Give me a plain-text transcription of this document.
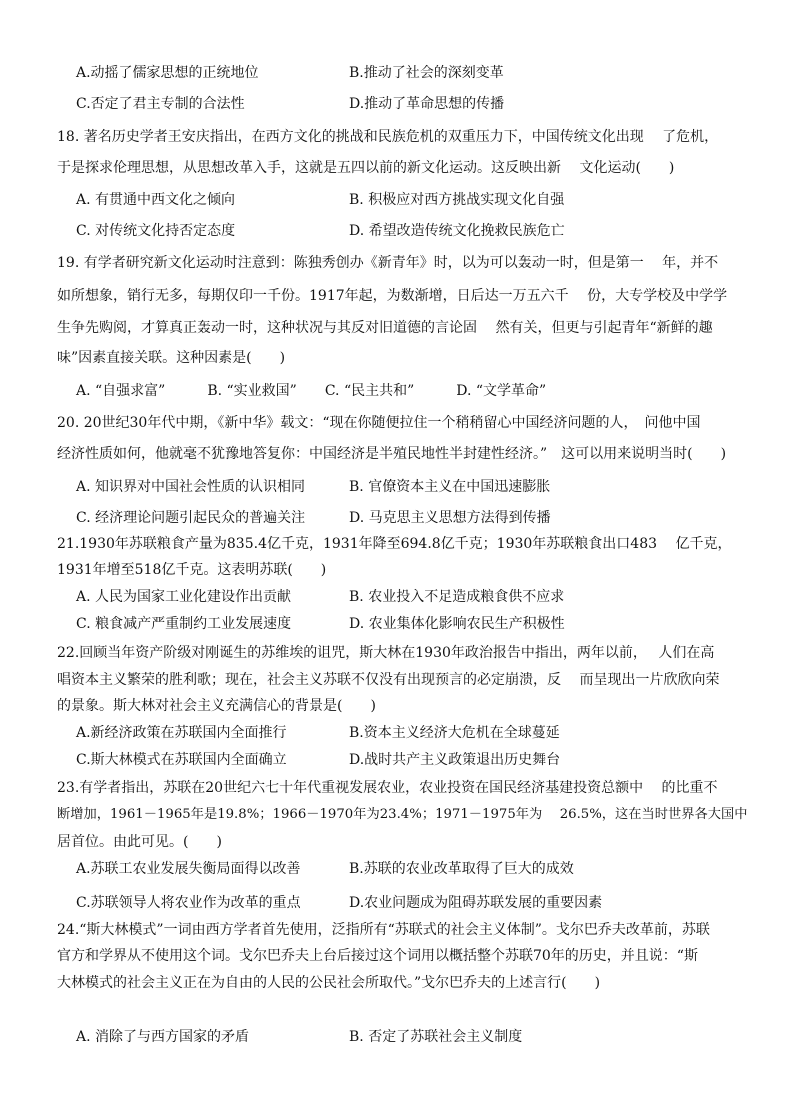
A.动摇了儒家思想的正统地位	B.推动了社会的深刻变革
C.否定了君主专制的合法性	D.推动了革命思想的传播
18. 著名历史学者王安庆指出，在西方文化的挑战和民族危机的双重压力下，中国传统文化出现　 了危机，
于是探求伦理思想，从思想改革入手，这就是五四以前的新文化运动。这反映出新　 文化运动(　　)
A. 有贯通中西文化之倾向	B. 积极应对西方挑战实现文化自强
C. 对传统文化持否定态度	D. 希望改造传统文化挽救民族危亡
19. 有学者研究新文化运动时注意到：陈独秀创办《新青年》时，以为可以轰动一时，但是第一　 年，并不
如所想象，销行无多，每期仅印一千份。1917年起，为数渐增，日后达一万五六千　 份，大专学校及中学学
生争先购阅，才算真正轰动一时，这种状况与其反对旧道德的言论固　 然有关，但更与引起青年“新鲜的趣
味”因素直接关联。这种因素是(　　)
A. “自强求富”　　　B. “实业救国”　　C. “民主共和”　　　D. “文学革命”
20. 20世纪30年代中期，《新中华》载文：“现在你随便拉住一个稍稍留心中国经济问题的人，　问他中国
经济性质如何，他就毫不犹豫地答复你：中国经济是半殖民地性半封建性经济。”　这可以用来说明当时(　　)
A. 知识界对中国社会性质的认识相同	B. 官僚资本主义在中国迅速膨胀
C. 经济理论问题引起民众的普遍关注	D. 马克思主义思想方法得到传播
21.1930年苏联粮食产量为835.4亿千克，1931年降至694.8亿千克；1930年苏联粮食出口483　 亿千克，
1931年增至518亿千克。这表明苏联(　　)
A. 人民为国家工业化建设作出贡献	B. 农业投入不足造成粮食供不应求
C. 粮食减产严重制约工业发展速度	D. 农业集体化影响农民生产积极性
22.回顾当年资产阶级对刚诞生的苏维埃的诅咒，斯大林在1930年政治报告中指出，两年以前，　 人们在高
唱资本主义繁荣的胜利歌；现在，社会主义苏联不仅没有出现预言的必定崩溃，反　 而呈现出一片欣欣向荣
的景象。斯大林对社会主义充满信心的背景是(　　)
A.新经济政策在苏联国内全面推行	B.资本主义经济大危机在全球蔓延
C.斯大林模式在苏联国内全面确立	D.战时共产主义政策退出历史舞台
23.有学者指出，苏联在20世纪六七十年代重视发展农业，农业投资在国民经济基建投资总额中　 的比重不
断增加，1961－1965年是19.8%；1966－1970年为23.4%；1971－1975年为　 26.5%，这在当时世界各大国中
居首位。由此可见。(　　)
A.苏联工农业发展失衡局面得以改善	B.苏联的农业改革取得了巨大的成效
C.苏联领导人将农业作为改革的重点	D.农业问题成为阻碍苏联发展的重要因素
24.“斯大林模式”一词由西方学者首先使用，泛指所有“苏联式的社会主义体制”。戈尔巴乔夫改革前，苏联
官方和学界从不使用这个词。戈尔巴乔夫上台后接过这个词用以概括整个苏联70年的历史，并且说：“斯
大林模式的社会主义正在为自由的人民的公民社会所取代。”戈尔巴乔夫的上述言行(　　)
A. 消除了与西方国家的矛盾	B. 否定了苏联社会主义制度
